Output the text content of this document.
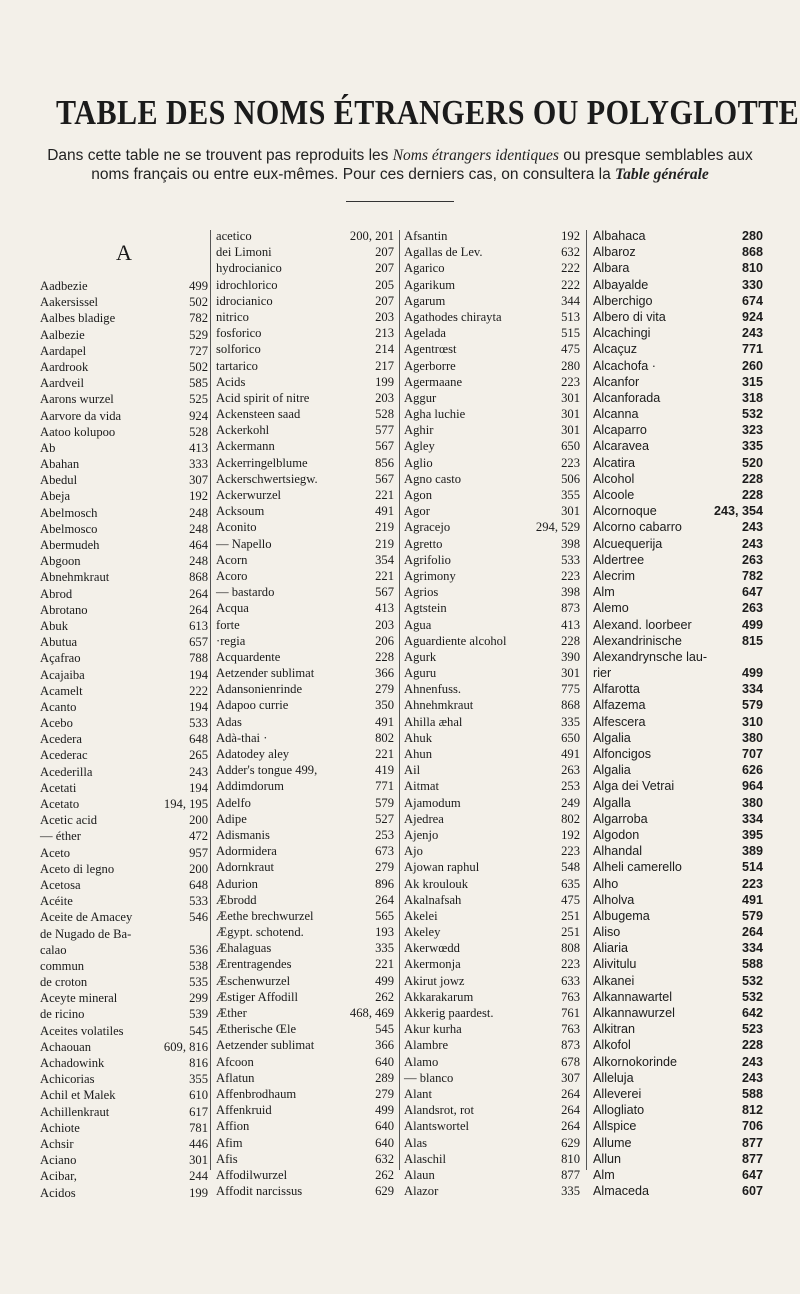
TABLE DES NOMS ÉTRANGERS OU POLYGLOTTE
Dans cette table ne se trouvent pas reproduits les Noms étrangers identiques ou presque semblables aux noms français ou entre eux-mêmes. Pour ces derniers cas, on consultera la Table générale
A
Aadbezie	499
Aakersissel	502
Aalbes bladige	782
Aalbezie	529
Aardapel	727
Aardrook	502
Aardveil	585
Aarons wurzel	525
Aarvore da vida	924
Aatoo kolupoo	528
Ab	413
Abahan	333
Abedul	307
Abeja	192
Abelmosch	248
Abelmosco	248
Abermudeh	464
Abgoon	248
Abnehmkraut	868
Abrod	264
Abrotano	264
Abuk	613
Abutua	657
Açafrao	788
Acajaiba	194
Acamelt	222
Acanto	194
Acebo	533
Acedera	648
Acederac	265
Acederilla	243
Acetati	194
Acetato	194, 195
Acetic acid	200
— éther	472
Aceto	957
Aceto di legno	200
Acetosa	648
Acéite	533
Aceite de Amacey	546
de Nugado de Ba-
calao	536
commun	538
de croton	535
Aceyte mineral	299
de ricino	539
Aceites volatiles	545
Achaouan	609, 816
Achadowink	816
Achicorias	355
Achil et Malek	610
Achillenkraut	617
Achiote	781
Achsir	446
Aciano	301
Acibar,	244
Acidos	199
acetico	200, 201
dei Limoni	207
hydrocianico	207
idrochlorico	205
idrocianico	207
nitrico	203
fosforico	213
solforico	214
tartarico	217
Acids	199
Acid spirit of nitre	203
Ackensteen saad	528
Ackerkohl	577
Ackermann	567
Ackerringelblume	856
Ackerschwertsiegw.	567
Ackerwurzel	221
Acksoum	491
Aconito	219
— Napello	219
Acorn	354
Acoro	221
— bastardo	567
Acqua	413
forte	203
·regia	206
Acquardente	228
Aetzender sublimat	366
Adansonienrinde	279
Adapoo currie	350
Adas	491
Adà-thai ·	802
Adatodey aley	221
Adder's tongue 499,	419
Addimdorum	771
Adelfo	579
Adipe	527
Adismanis	253
Adormidera	673
Adornkraut	279
Adurion	896
Æbrodd	264
Æethe brechwurzel	565
Ægypt. schotend.	193
Æhalaguas	335
Ærentragendes	221
Æschenwurzel	499
Æstiger Affodill	262
Æther	468, 469
Ætherische Œle	545
Aetzender sublimat	366
Afcoon	640
Aflatun	289
Affenbrodhaum	279
Affenkruid	499
Affion	640
Afim	640
Afis	632
Affodilwurzel	262
Affodit narcissus	629
Afsantin	192
Agallas de Lev.	632
Agarico	222
Agarikum	222
Agarum	344
Agathodes chirayta	513
Agelada	515
Agentrœst	475
Agerborre	280
Agermaane	223
Aggur	301
Agha luchie	301
Aghir	301
Agley	650
Aglio	223
Agno casto	506
Agon	355
Agor	301
Agracejo	294, 529
Agretto	398
Agrifolio	533
Agrimony	223
Agrios	398
Agtstein	873
Agua	413
Aguardiente alcohol	228
Agurk	390
Aguru	301
Ahnenfuss.	775
Ahnehmkraut	868
Ahilla æhal	335
Ahuk	650
Ahun	491
Ail	263
Aitmat	253
Ajamodum	249
Ajedrea	802
Ajenjo	192
Ajo	223
Ajowan raphul	548
Ak kroulouk	635
Akalnafsah	475
Akelei	251
Akeley	251
Akerwœdd	808
Akermonja	223
Akirut jowz	633
Akkarakarum	763
Akkerig paardest.	761
Akur kurha	763
Alambre	873
Alamo	678
— blanco	307
Alant	264
Alandsrot, rot	264
Alantswortel	264
Alas	629
Alaschil	810
Alaun	877
Alazor	335
Albahaca	280
Albaroz	868
Albara	810
Albayalde	330
Alberchigo	674
Albero di vita	924
Alcachingi	243
Alcaçuz	771
Alcachofa ·	260
Alcanfor	315
Alcanforada	318
Alcanna	532
Alcaparro	323
Alcaravea	335
Alcatira	520
Alcohol	228
Alcoole	228
Alcornoque	243, 354
Alcorno cabarro	243
Alcuequerija	243
Aldertree	263
Alecrim	782
Alm	647
Alemo	263
Alexand. loorbeer	499
Alexandrinische	815
Alexandrynsche lau-
rier	499
Alfarotta	334
Alfazema	579
Alfescera	310
Algalia	380
Alfoncigos	707
Algalia	626
Alga dei Vetrai	964
Algalla	380
Algarroba	334
Algodon	395
Alhandal	389
Alheli camerello	514
Alho	223
Alholva	491
Albugema	579
Aliso	264
Aliaria	334
Alivitulu	588
Alkanei	532
Alkannawartel	532
Alkannawurzel	642
Alkitran	523
Alkofol	228
Alkornokorinde	243
Alleluja	243
Alleverei	588
Allogliato	812
Allspice	706
Allume	877
Allun	877
Alm	647
Almaceda	607
